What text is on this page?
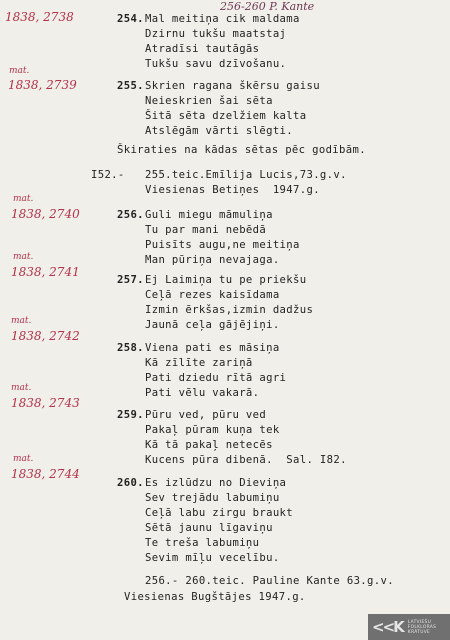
256-260 P. Kante
1838, 2738
mat.
1838, 2739
mat.
1838, 2740
mat.
1838, 2741
mat.
1838, 2742
mat.
1838, 2743
mat.
1838, 2744
254. Mal meitiņa cik maldama
Dzirnu tukšu maatstaj
Atradīsi tautāgās
Tukšu savu dzīvošanu.
255. Skrien ragana škērsu gaisu
Neieskrien šai sēta
Šitā sēta dzelžiem kalta
Atslēgām vārti slēgti.
Škiraties na kādas sētas pēc godībām.
I52.- 255.teic.Emīlija Lucis,73.g.v.
Viesienas Betiņes  1947.g.
256. Guli miegu māmuliņa
Tu par mani nebēdā
Puisīts augu,ne meitiņa
Man pūriņa nevajaga.
257. Ej Laimiņa tu pe priekšu
Ceļā rezes kaisīdama
Izmin ērkšas,izmin dadžus
Jaunā ceļa gājējiņi.
258. Viena pati es māsiņa
Kā zīlīte zariņā
Pati dziedu rītā agri
Pati vēlu vakarā.
259. Pūru ved, pūru ved
Pakaļ pūram kuņa tek
Kā tā pakaļ netecēs
Kucens pūra dibenā.  Sal. I82.
260. Es izlūdzu no Dieviņa
Sev trejādu labumiņu
Ceļā labu zirgu braukt
Sētā jaunu līgaviņu
Te treša labumiņu
Sevim mīļu vecelību.
256.- 260.teic. Pauline Kante 63.g.v.
Viesienas Bugštājes 1947.g.
<<K LATVIEŠU
FOLKLORAS
KRĀTUVE
